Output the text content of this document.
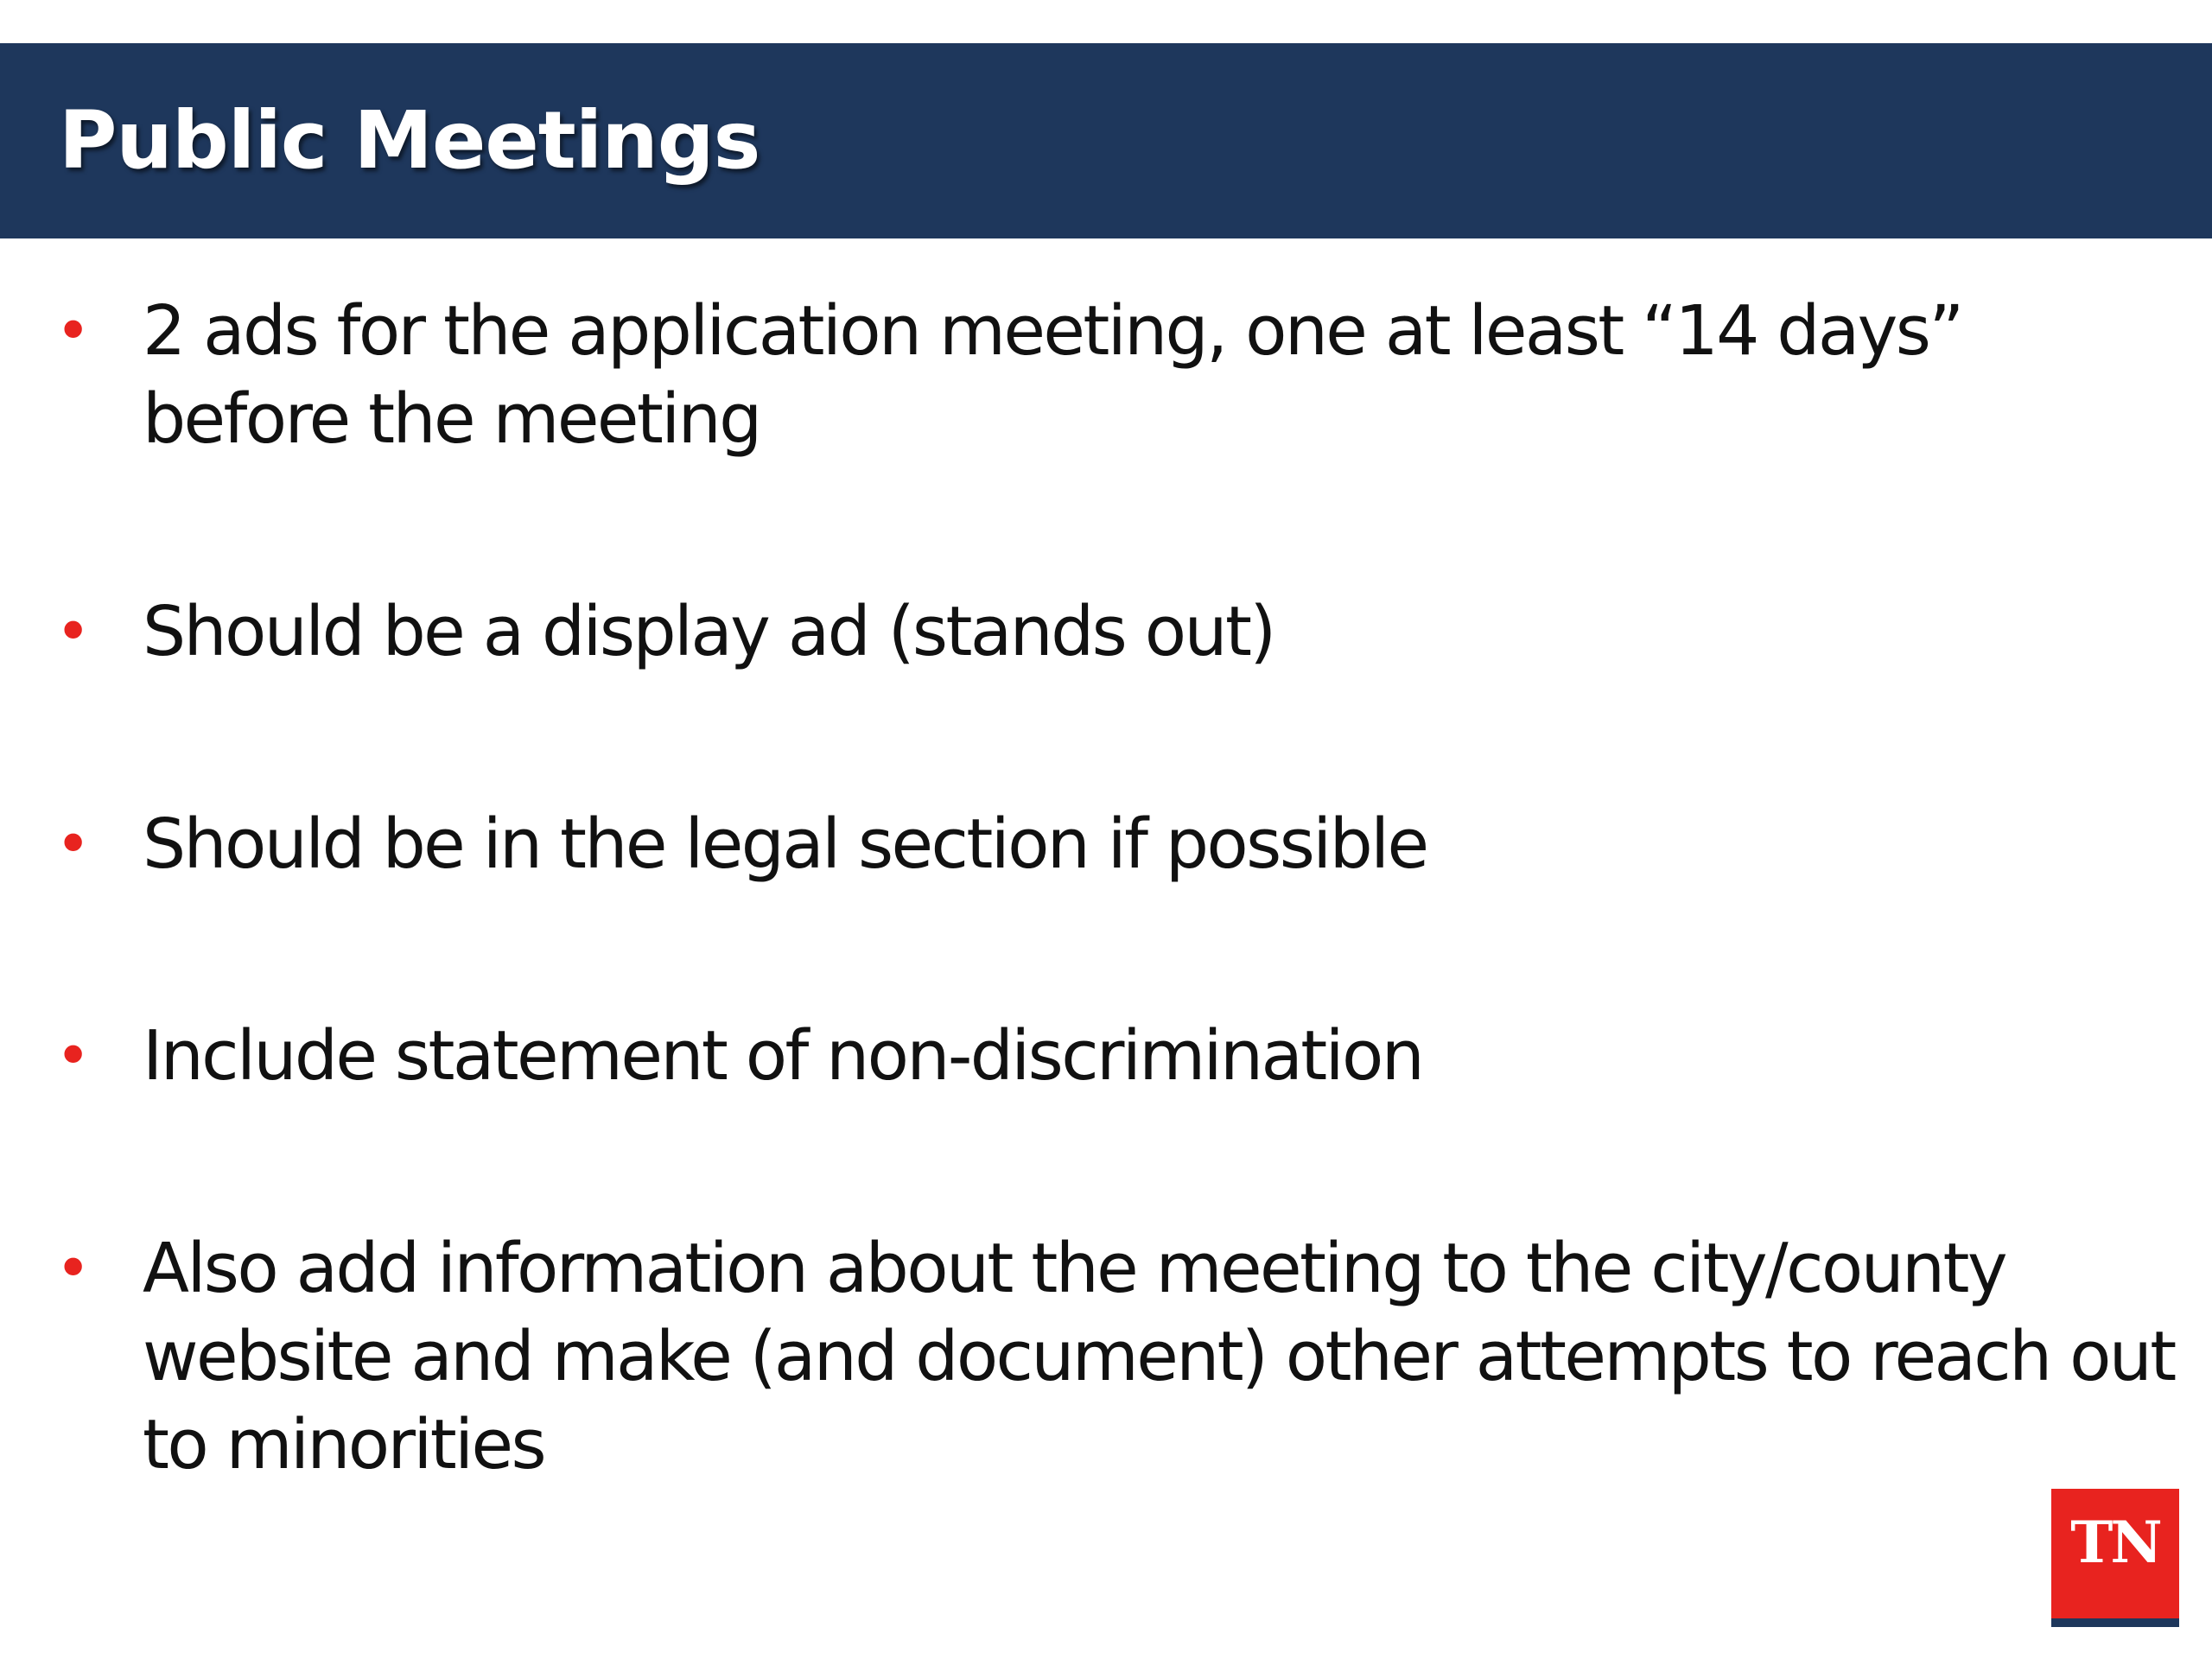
Public Meetings
• 2 ads for the application meeting, one at least “14 days” before the meeting
• Should be a display ad (stands out)
• Should be in the legal section if possible
• Include statement of non-discrimination
• Also add information about the meeting to the city/county website and make (and document) other attempts to reach out to minorities
TN
